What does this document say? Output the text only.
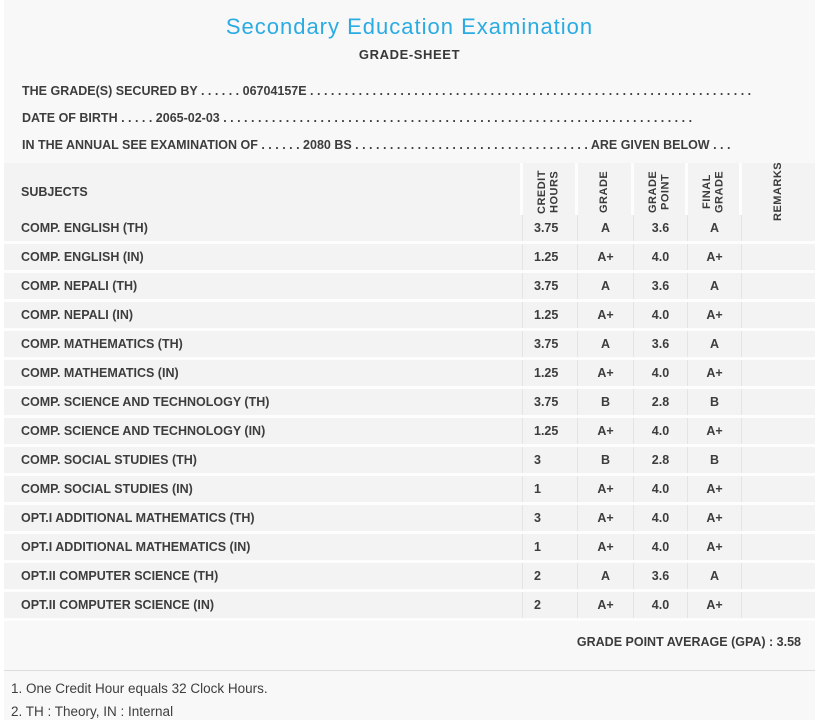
Secondary Education Examination
GRADE-SHEET
THE GRADE(S) SECURED BY . . . . . . 06704157E . . . . . . . . . . . . . . . . . . . . . . . . . . . . . . . . . . . . . . . . . . . . . . . . . . . . . . . . . . . . . . . .
DATE OF BIRTH . . . . . 2065-02-03 . . . . . . . . . . . . . . . . . . . . . . . . . . . . . . . . . . . . . . . . . . . . . . . . . . . . . . . . . . . . . . . . . . . .
IN THE ANNUAL SEE EXAMINATION OF . . . . . . 2080 BS . . . . . . . . . . . . . . . . . . . . . . . . . . . . . . . . . . ARE GIVEN BELOW . . .
SUBJECTS	CREDIT HOURS	GRADE	GRADE POINT	FINAL GRADE	REMARKS
COMP. ENGLISH (TH)	3.75	A	3.6	A
COMP. ENGLISH (IN)	1.25	A+	4.0	A+
COMP. NEPALI (TH)	3.75	A	3.6	A
COMP. NEPALI (IN)	1.25	A+	4.0	A+
COMP. MATHEMATICS (TH)	3.75	A	3.6	A
COMP. MATHEMATICS (IN)	1.25	A+	4.0	A+
COMP. SCIENCE AND TECHNOLOGY (TH)	3.75	B	2.8	B
COMP. SCIENCE AND TECHNOLOGY (IN)	1.25	A+	4.0	A+
COMP. SOCIAL STUDIES (TH)	3	B	2.8	B
COMP. SOCIAL STUDIES (IN)	1	A+	4.0	A+
OPT.I ADDITIONAL MATHEMATICS (TH)	3	A+	4.0	A+
OPT.I ADDITIONAL MATHEMATICS (IN)	1	A+	4.0	A+
OPT.II COMPUTER SCIENCE (TH)	2	A	3.6	A
OPT.II COMPUTER SCIENCE (IN)	2	A+	4.0	A+
GRADE POINT AVERAGE (GPA) : 3.58
1. One Credit Hour equals 32 Clock Hours.
2. TH : Theory, IN : Internal
